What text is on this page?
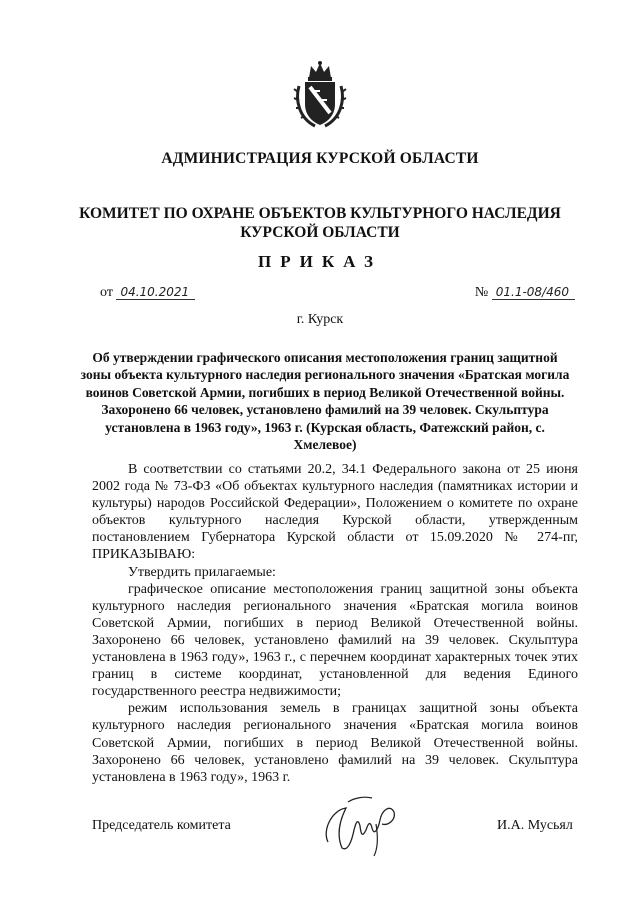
АДМИНИСТРАЦИЯ КУРСКОЙ ОБЛАСТИ
КОМИТЕТ ПО ОХРАНЕ ОБЪЕКТОВ КУЛЬТУРНОГО НАСЛЕДИЯ
КУРСКОЙ ОБЛАСТИ
ПРИКАЗ
от 04.10.2021	№ 01.1-08/460
г. Курск
Об утверждении графического описания местоположения границ защитной зоны объекта культурного наследия регионального значения «Братская могила воинов Советской Армии, погибших в период Великой Отечественной войны. Захоронено 66 человек, установлено фамилий на 39 человек. Скульптура установлена в 1963 году», 1963 г. (Курская область, Фатежский район, с. Хмелевое)

В соответствии со статьями 20.2, 34.1 Федерального закона от 25 июня 2002 года № 73-ФЗ «Об объектах культурного наследия (памятниках истории и культуры) народов Российской Федерации», Положением о комитете по охране объектов культурного наследия Курской области, утвержденным постановлением Губернатора Курской области от 15.09.2020 № 274-пг, ПРИКАЗЫВАЮ:

Утвердить прилагаемые:

графическое описание местоположения границ защитной зоны объекта культурного наследия регионального значения «Братская могила воинов Советской Армии, погибших в период Великой Отечественной войны. Захоронено 66 человек, установлено фамилий на 39 человек. Скульптура установлена в 1963 году», 1963 г., с перечнем координат характерных точек этих границ в системе координат, установленной для ведения Единого государственного реестра недвижимости;

режим использования земель в границах защитной зоны объекта культурного наследия регионального значения «Братская могила воинов Советской Армии, погибших в период Великой Отечественной войны. Захоронено 66 человек, установлено фамилий на 39 человек. Скульптура установлена в 1963 году», 1963 г.

Председатель комитета	И.А. Мусьял
